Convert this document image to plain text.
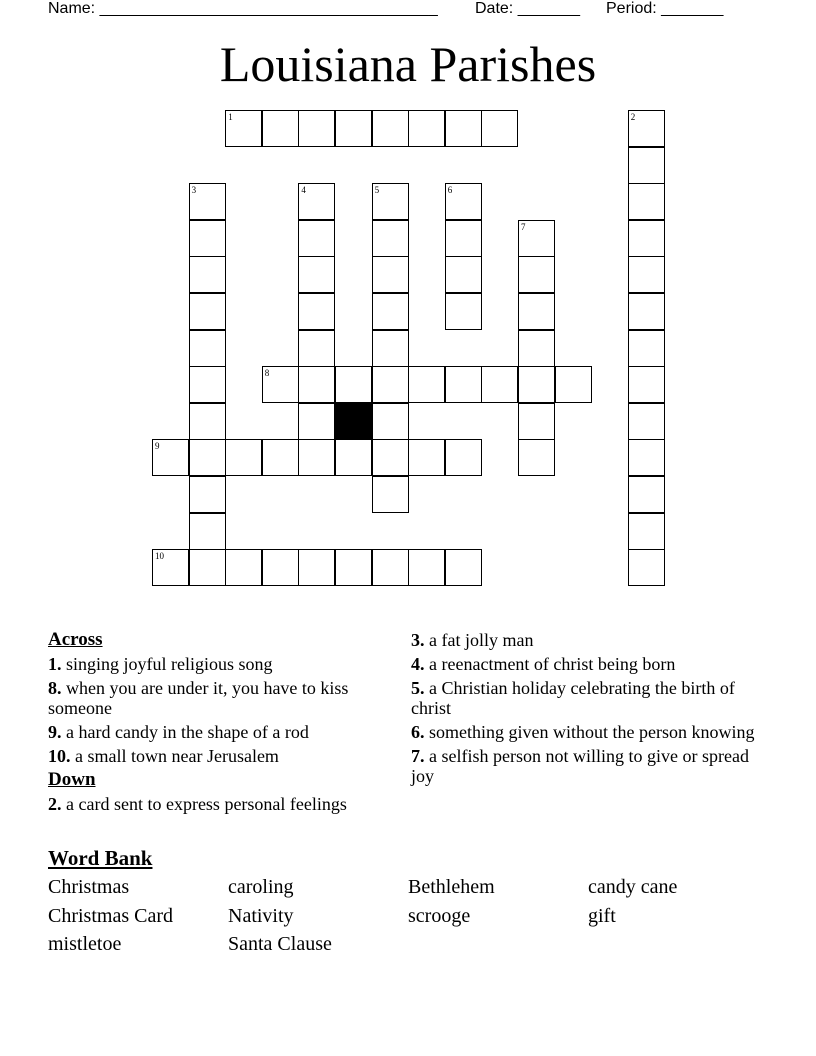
Name: ______________________________________ Date: _______ Period: _______
Louisiana Parishes
1	2
3	4	5	6
7
8
9
10
Across
1. singing joyful religious song
8. when you are under it, you have to kiss someone
9. a hard candy in the shape of a rod
10. a small town near Jerusalem
Down
2. a card sent to express personal feelings
3. a fat jolly man
4. a reenactment of christ being born
5. a Christian holiday celebrating the birth of christ
6. something given without the person knowing
7. a selfish person not willing to give or spread joy
Word Bank
Christmas	caroling	Bethlehem	candy cane
Christmas Card	Nativity	scrooge	gift
mistletoe	Santa Clause
